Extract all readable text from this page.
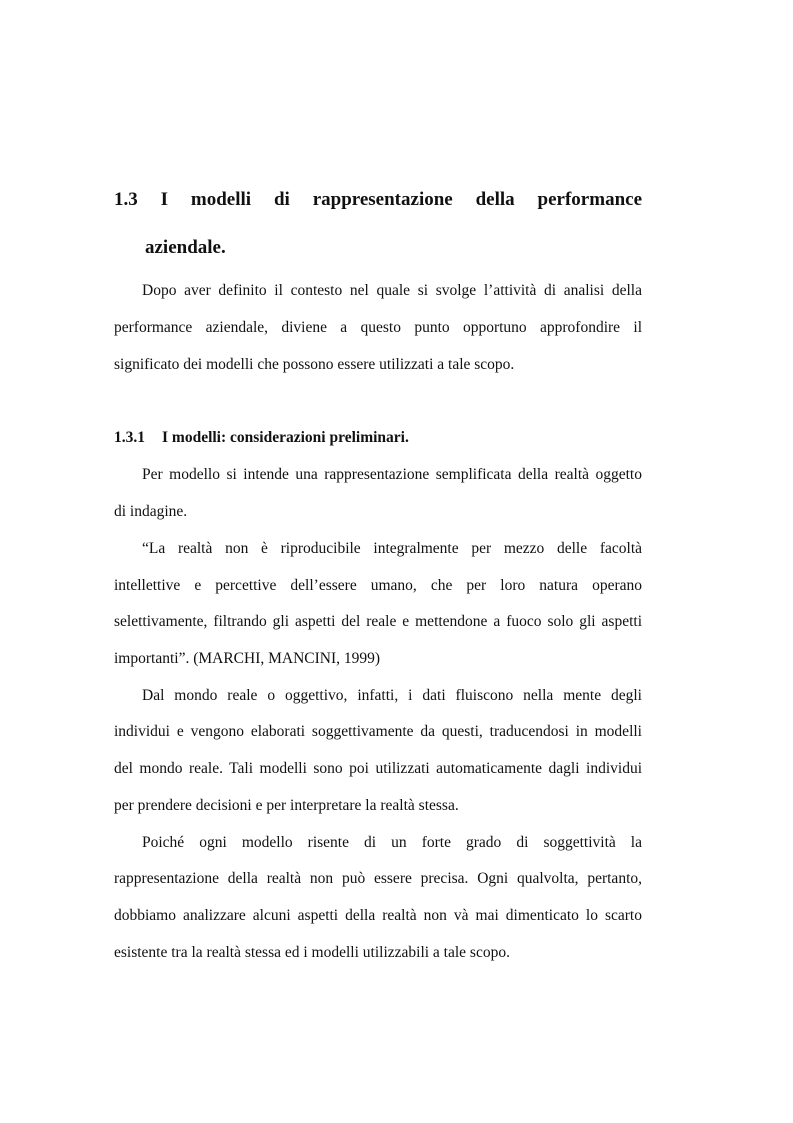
1.3 I modelli di rappresentazione della performance
aziendale.
Dopo aver definito il contesto nel quale si svolge l’attività di analisi della
performance aziendale, diviene a questo punto opportuno approfondire il
significato dei modelli che possono essere utilizzati a tale scopo.
1.3.1 I modelli: considerazioni preliminari.
Per modello si intende una rappresentazione semplificata della realtà oggetto
di indagine.
“La realtà non è riproducibile integralmente per mezzo delle facoltà
intellettive e percettive dell’essere umano, che per loro natura operano
selettivamente, filtrando gli aspetti del reale e mettendone a fuoco solo gli aspetti
importanti”. (MARCHI, MANCINI, 1999)
Dal mondo reale o oggettivo, infatti, i dati fluiscono nella mente degli
individui e vengono elaborati soggettivamente da questi, traducendosi in modelli
del mondo reale. Tali modelli sono poi utilizzati automaticamente dagli individui
per prendere decisioni e per interpretare la realtà stessa.
Poiché ogni modello risente di un forte grado di soggettività la
rappresentazione della realtà non può essere precisa. Ogni qualvolta, pertanto,
dobbiamo analizzare alcuni aspetti della realtà non và mai dimenticato lo scarto
esistente tra la realtà stessa ed i modelli utilizzabili a tale scopo.
